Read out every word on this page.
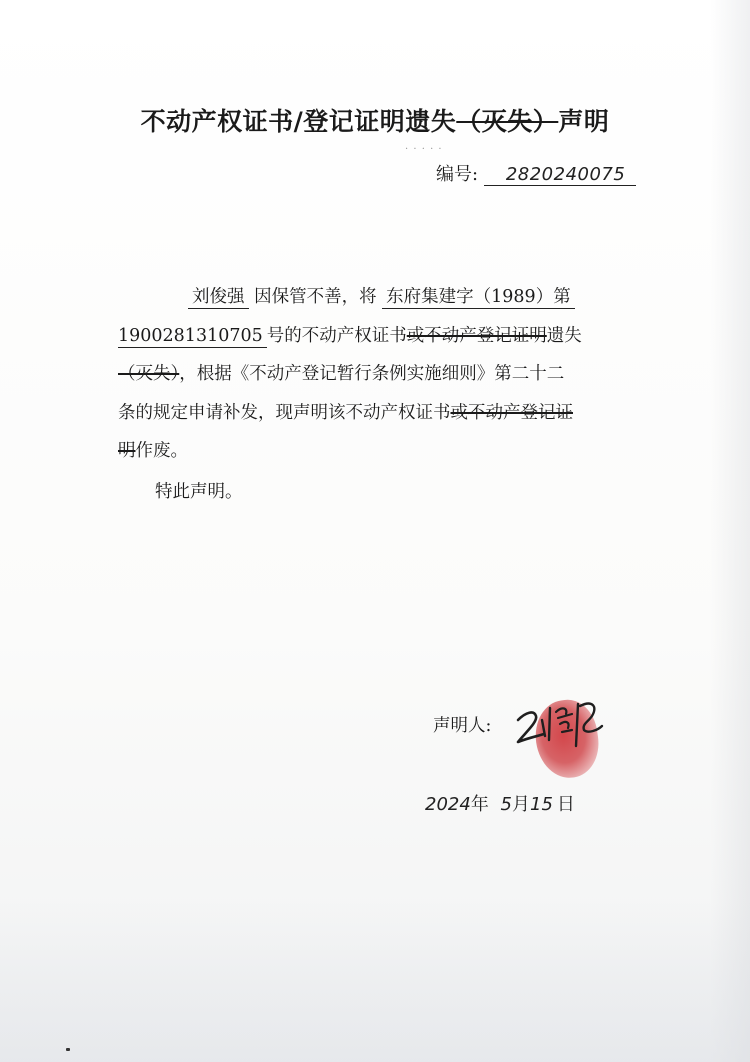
不动产权证书/登记证明遗失（灭失）声明
· · · · ·
编号: 2820240075
刘俊强 因保管不善，将 东府集建字（1989）第
1900281310705 号的不动产权证书或不动产登记证明遗失
（灭失），根据《不动产登记暂行条例实施细则》第二十二
条的规定申请补发，现声明该不动产权证书或不动产登记证
明作废。
特此声明。
声明人:
2024年 5月15 日
